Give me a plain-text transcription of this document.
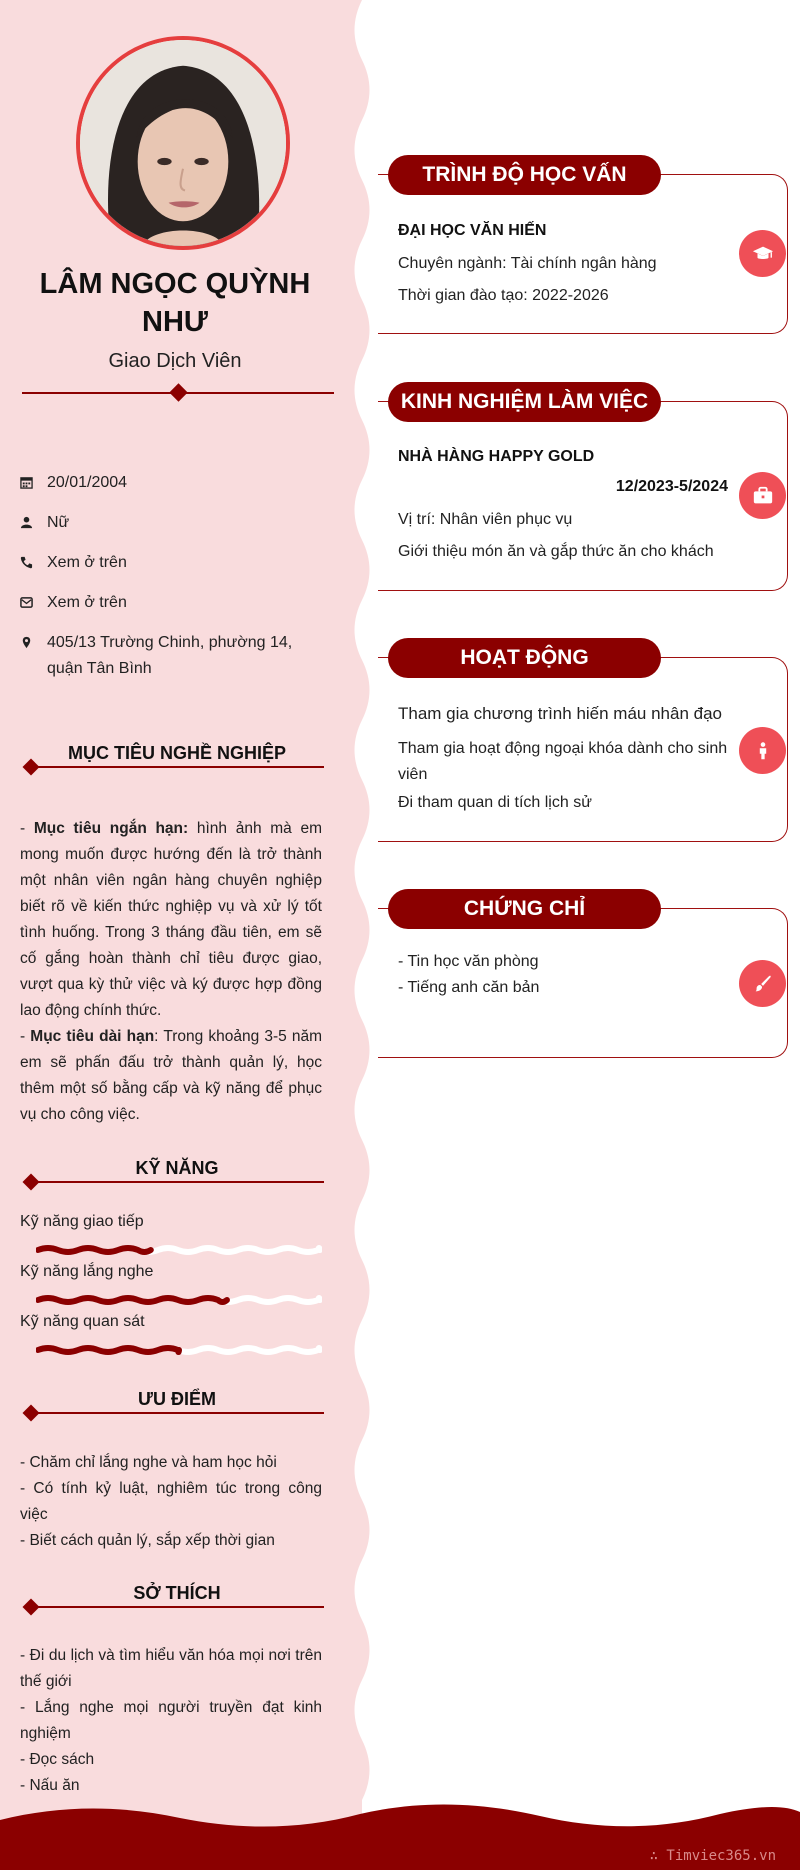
LÂM NGỌC QUỲNH NHƯ
Giao Dịch Viên
20/01/2004
Nữ
Xem ở trên
Xem ở trên
405/13 Trường Chinh, phường 14, quận Tân Bình
MỤC TIÊU NGHỀ NGHIỆP
- Mục tiêu ngắn hạn: hình ảnh mà em mong muốn được hướng đến là trở thành một nhân viên ngân hàng chuyên nghiệp biết rõ về kiến thức nghiệp vụ và xử lý tốt tình huống. Trong 3 tháng đầu tiên, em sẽ cố gắng hoàn thành chỉ tiêu được giao, vượt qua kỳ thử việc và ký được hợp đồng lao động chính thức.
- Mục tiêu dài hạn: Trong khoảng 3-5 năm em sẽ phấn đấu trở thành quản lý, học thêm một số bằng cấp và kỹ năng để phục vụ cho công việc.
KỸ NĂNG
Kỹ năng giao tiếp
Kỹ năng lắng nghe
Kỹ năng quan sát
ƯU ĐIỂM
- Chăm chỉ lắng nghe và ham học hỏi
- Có tính kỷ luật, nghiêm túc trong công việc
- Biết cách quản lý, sắp xếp thời gian
SỞ THÍCH
- Đi du lịch và tìm hiểu văn hóa mọi nơi trên thế giới
- Lắng nghe mọi người truyền đạt kinh nghiệm
- Đọc sách
- Nấu ăn
TRÌNH ĐỘ HỌC VẤN
ĐẠI HỌC VĂN HIẾN
Chuyên ngành: Tài chính ngân hàng
Thời gian đào tạo: 2022-2026
KINH NGHIỆM LÀM VIỆC
NHÀ HÀNG HAPPY GOLD
12/2023-5/2024
Vị trí: Nhân viên phục vụ
Giới thiệu món ăn và gắp thức ăn cho khách
HOẠT ĐỘNG
Tham gia chương trình hiến máu nhân đạo
Tham gia hoạt động ngoại khóa dành cho sinh viên
Đi tham quan di tích lịch sử
CHỨNG CHỈ
- Tin học văn phòng
- Tiếng anh căn bản
∴ Timviec365.vn
